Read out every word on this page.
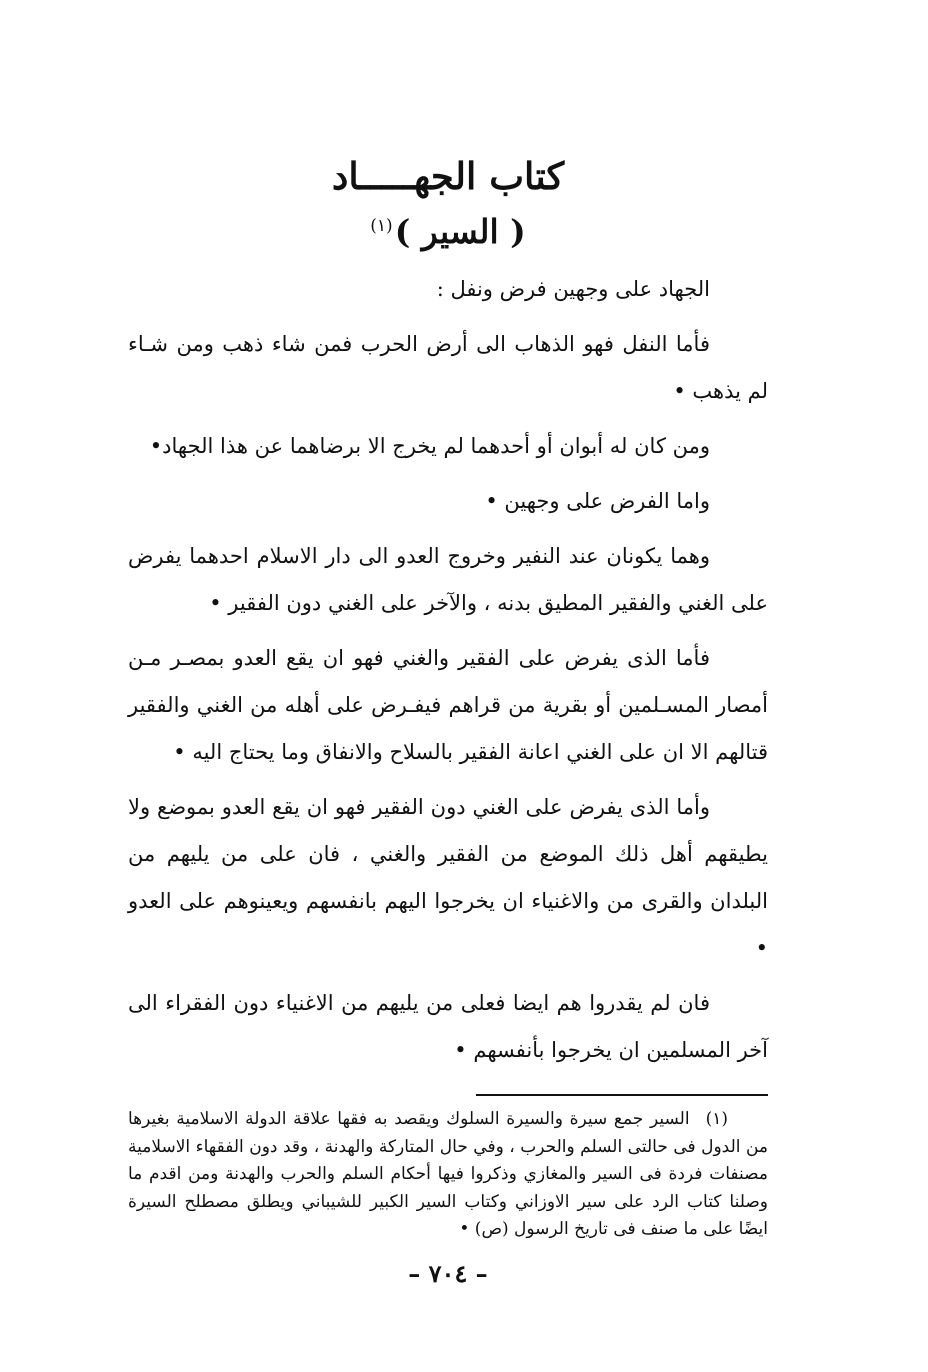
كتاب الجهـــــاد
( السير )$^{(١)}$

الجهاد على وجهين فرض ونفل :

فأما النفل فهو الذهاب الى أرض الحرب فمن شاء ذهب ومن شـاء لم يذهب •

ومن كان له أبوان أو أحدهما لم يخرج الا برضاهما عن هذا الجهاد•

واما الفرض على وجهين •

وهما يكونان عند النفير وخروج العدو الى دار الاسلام احدهما يفرض على الغني والفقير المطيق بدنه ، والآخر على الغني دون الفقير •

فأما الذى يفرض على الفقير والغني فهو ان يقع العدو بمصـر مـن أمصار المسـلمين أو بقرية من قراهم فيفـرض على أهله من الغني والفقير قتالهم الا ان على الغني اعانة الفقير بالسلاح والانفاق وما يحتاج اليه •

وأما الذى يفرض على الغني دون الفقير فهو ان يقع العدو بموضع ولا يطيقهم أهل ذلك الموضع من الفقير والغني ، فان على من يليهم من البلدان والقرى من والاغنياء ان يخرجوا اليهم بانفسهم ويعينوهم على العدو •

فان لم يقدروا هم ايضا فعلى من يليهم من الاغنياء دون الفقراء الى آخر المسلمين ان يخرجوا بأنفسهم •

(١)السير جمع سيرة والسيرة السلوك ويقصد به فقها علاقة الدولة الاسلامية بغيرها من الدول فى حالتى السلم والحرب ، وفي حال المتاركة والهدنة ، وقد دون الفقهاء الاسلامية مصنفات فردة فى السير والمغازي وذكروا فيها أحكام السلم والحرب والهدنة ومن اقدم ما وصلنا كتاب الرد على سير الاوزاني وكتاب السير الكبير للشيباني ويطلق مصطلح السيرة ايضًا على ما صنف فى تاريخ الرسول (ص) •

– ٧٠٤ –
